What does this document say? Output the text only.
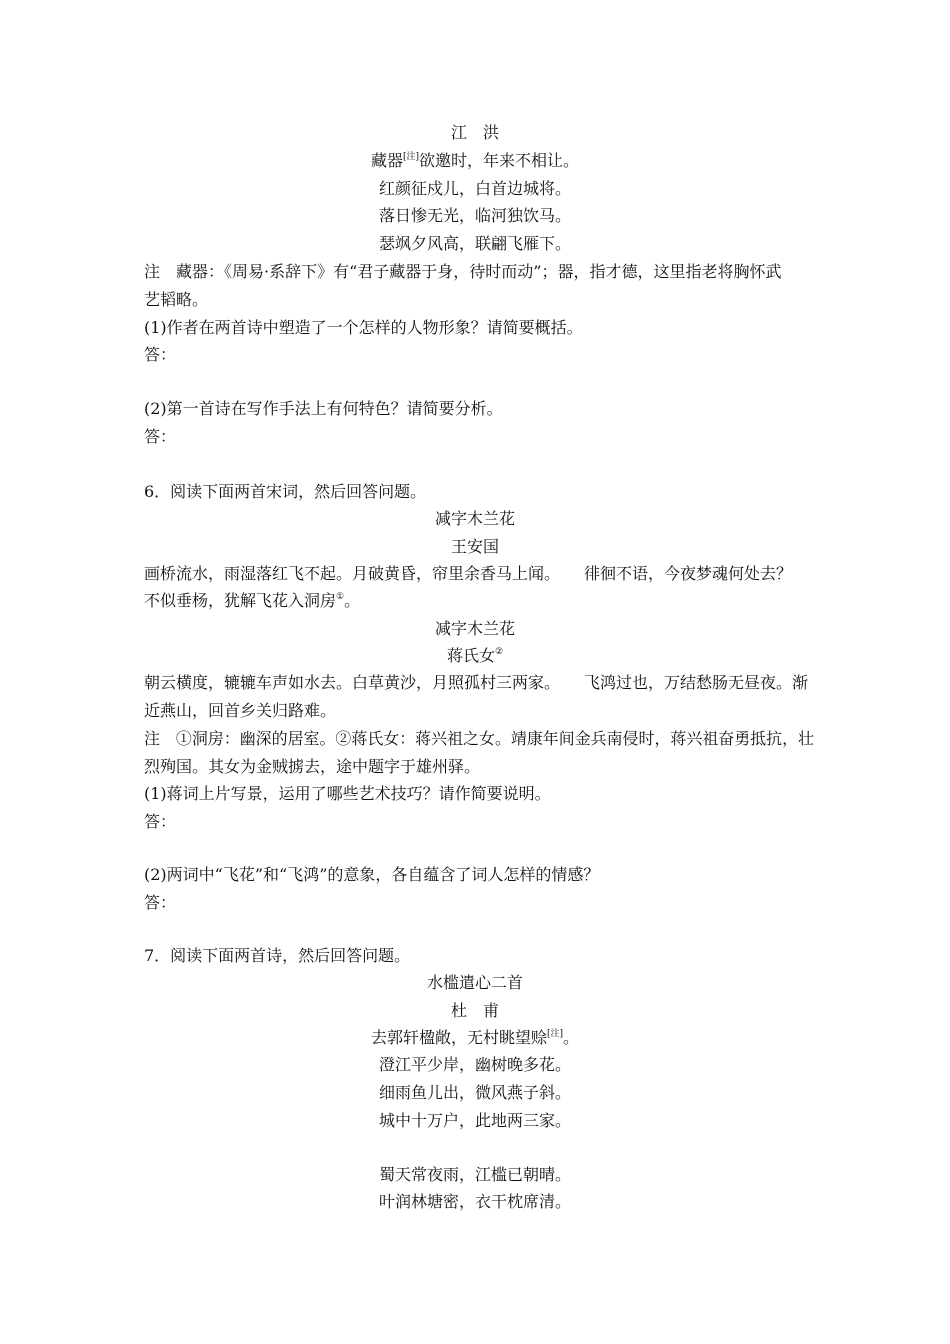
江　洪
藏器[注]欲邀时，年来不相让。
红颜征戍儿，白首边城将。
落日惨无光，临河独饮马。
瑟飒夕风高，联翩飞雁下。
注　藏器：《周易·系辞下》有“君子藏器于身，待时而动”；器，指才德，这里指老将胸怀武
艺韬略。
(1)作者在两首诗中塑造了一个怎样的人物形象？请简要概括。
答：
(2)第一首诗在写作手法上有何特色？请简要分析。
答：
6．阅读下面两首宋词，然后回答问题。
减字木兰花
王安国
画桥流水，雨湿落红飞不起。月破黄昏，帘里余香马上闻。　　徘徊不语，今夜梦魂何处去？
不似垂杨，犹解飞花入洞房①。
减字木兰花
蒋氏女②
朝云横度，辘辘车声如水去。白草黄沙，月照孤村三两家。　　飞鸿过也，万结愁肠无昼夜。渐
近燕山，回首乡关归路难。
注　①洞房：幽深的居室。②蒋氏女：蒋兴祖之女。靖康年间金兵南侵时，蒋兴祖奋勇抵抗，壮
烈殉国。其女为金贼掳去，途中题字于雄州驿。
(1)蒋词上片写景，运用了哪些艺术技巧？请作简要说明。
答：
(2)两词中“飞花”和“飞鸿”的意象，各自蕴含了词人怎样的情感？
答：
7．阅读下面两首诗，然后回答问题。
水槛遣心二首
杜　甫
去郭轩楹敞，无村眺望赊[注]。
澄江平少岸，幽树晚多花。
细雨鱼儿出，微风燕子斜。
城中十万户，此地两三家。
蜀天常夜雨，江槛已朝晴。
叶润林塘密，衣干枕席清。
